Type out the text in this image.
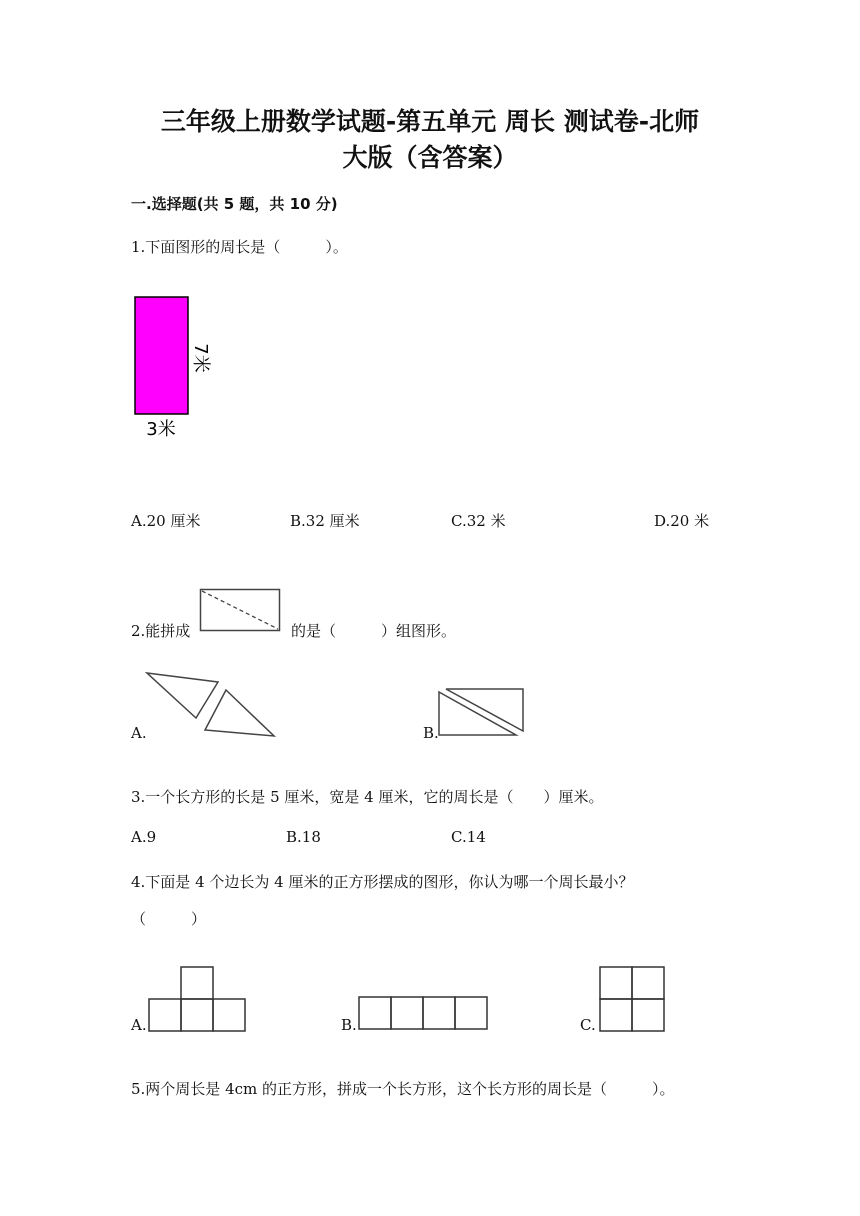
三年级上册数学试题-第五单元 周长 测试卷-北师
大版（含答案）
一.选择题(共 5 题，共 10 分)
1.下面图形的周长是（　　　）。
7米
3米
A.20 厘米	B.32 厘米	C.32 米	D.20 米
2.能拼成	的是（　　　）组图形。
A.	B.
3.一个长方形的长是 5 厘米，宽是 4 厘米，它的周长是（　　）厘米。
A.9	B.18	C.14
4.下面是 4 个边长为 4 厘米的正方形摆成的图形，你认为哪一个周长最小？
（　　　）
A.	B.	C.
5.两个周长是 4cm 的正方形，拼成一个长方形，这个长方形的周长是（　　　）。
